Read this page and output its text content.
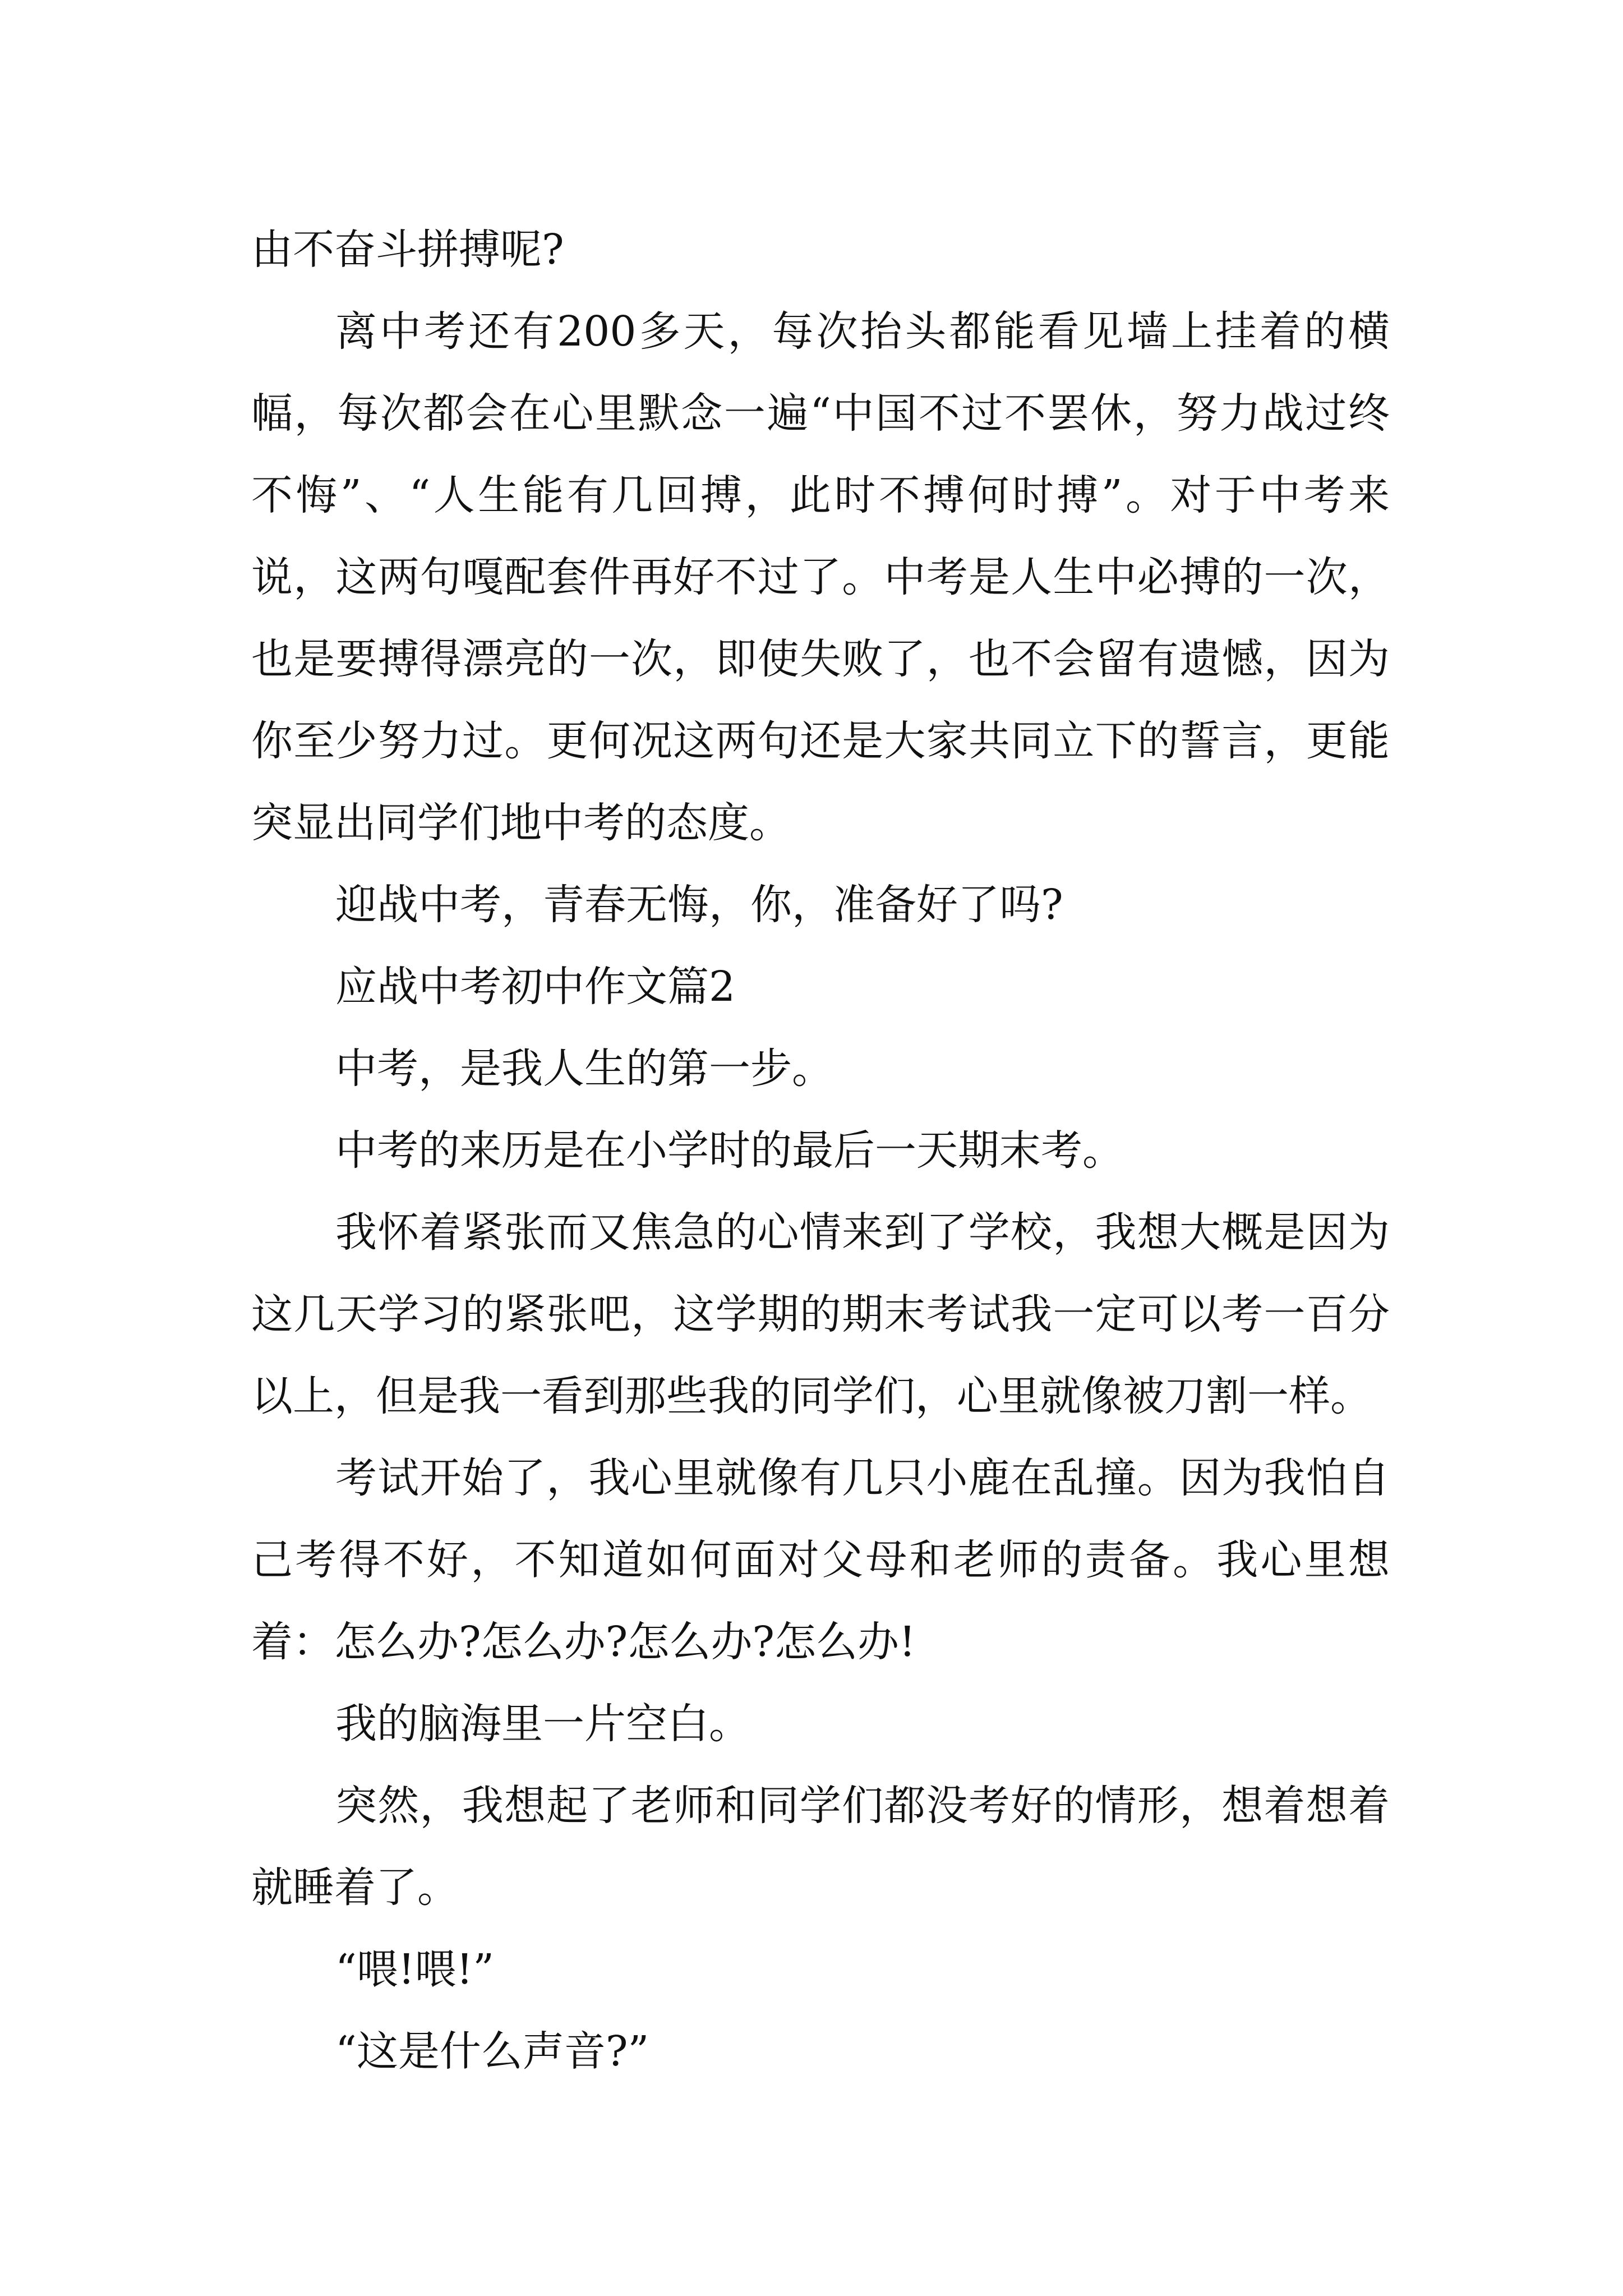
由不奋斗拼搏呢?

离中考还有200多天，每次抬头都能看见墙上挂着的横幅，每次都会在心里默念一遍“中国不过不罢休，努力战过终不悔”、“人生能有几回搏，此时不搏何时搏”。对于中考来说，这两句嘎配套件再好不过了。中考是人生中必搏的一次，也是要搏得漂亮的一次，即使失败了，也不会留有遗憾，因为你至少努力过。更何况这两句还是大家共同立下的誓言，更能突显出同学们地中考的态度。

迎战中考，青春无悔，你，准备好了吗?

应战中考初中作文篇2

中考，是我人生的第一步。

中考的来历是在小学时的最后一天期末考。

我怀着紧张而又焦急的心情来到了学校，我想大概是因为这几天学习的紧张吧，这学期的期末考试我一定可以考一百分以上，但是我一看到那些我的同学们，心里就像被刀割一样。

考试开始了，我心里就像有几只小鹿在乱撞。因为我怕自己考得不好，不知道如何面对父母和老师的责备。我心里想着：怎么办?怎么办?怎么办?怎么办!

我的脑海里一片空白。

突然，我想起了老师和同学们都没考好的情形，想着想着就睡着了。

“喂!喂!”

“这是什么声音?”
